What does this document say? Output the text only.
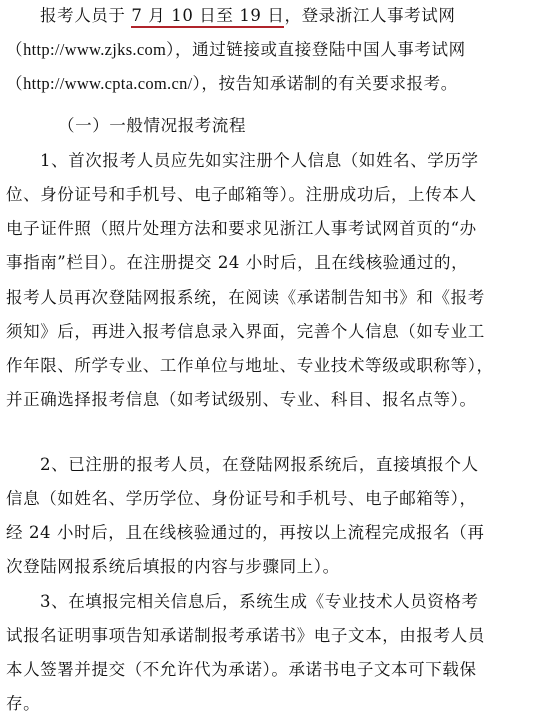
报考人员于 7 月 10 日至 19 日，登录浙江人事考试网
（http://www.zjks.com），通过链接或直接登陆中国人事考试网
（http://www.cpta.com.cn/），按告知承诺制的有关要求报考。
（一）一般情况报考流程
1、首次报考人员应先如实注册个人信息（如姓名、学历学
位、身份证号和手机号、电子邮箱等）。注册成功后，上传本人
电子证件照（照片处理方法和要求见浙江人事考试网首页的“办
事指南”栏目）。在注册提交 24 小时后，且在线核验通过的，
报考人员再次登陆网报系统，在阅读《承诺制告知书》和《报考
须知》后，再进入报考信息录入界面，完善个人信息（如专业工
作年限、所学专业、工作单位与地址、专业技术等级或职称等），
并正确选择报考信息（如考试级别、专业、科目、报名点等）。
2、已注册的报考人员，在登陆网报系统后，直接填报个人
信息（如姓名、学历学位、身份证号和手机号、电子邮箱等），
经 24 小时后，且在线核验通过的，再按以上流程完成报名（再
次登陆网报系统后填报的内容与步骤同上）。
3、在填报完相关信息后，系统生成《专业技术人员资格考
试报名证明事项告知承诺制报考承诺书》电子文本，由报考人员
本人签署并提交（不允许代为承诺）。承诺书电子文本可下载保
存。
